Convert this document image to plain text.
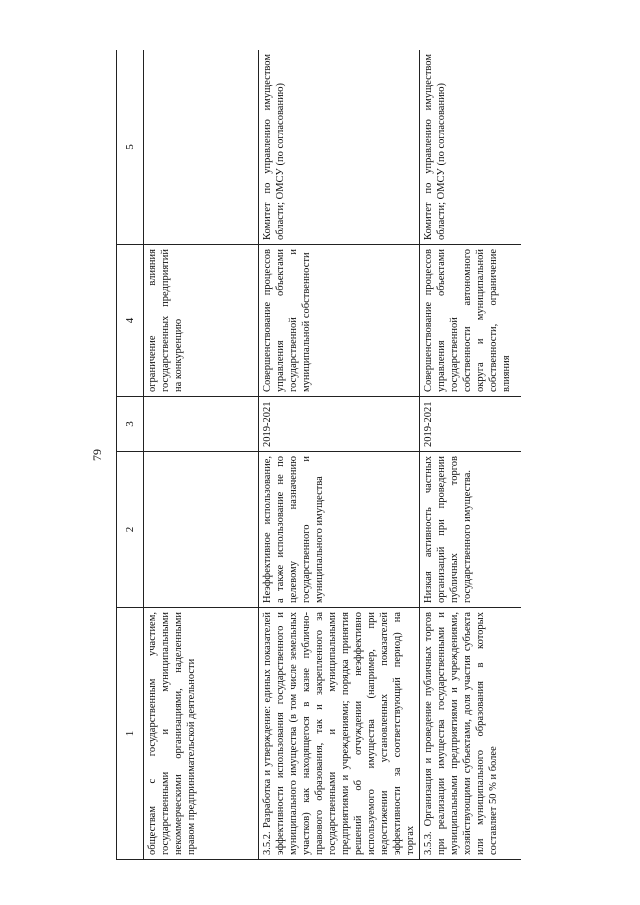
79
1	2	3	4	5
обществам с государственным участием, государственными и муниципальными некоммерческими организациями, наделенными правом предпринимательской деятельности			ограничение влияния государственных предприятий на конкуренцию	
3.5.2. Разработка и утверждение: единых показателей эффективности использования государственного и муниципального имущества (в том числе земельных участков) как находящегося в казне публично-правового образования, так и закрепленного за государственными и муниципальными предприятиями и учреждениями; порядка принятия решений об отчуждении неэффективно используемого имущества (например, при недостижении установленных показателей эффективности за соответствующий период) на торгах	Неэффективное использование, а также использование не по целевому назначению государственного и муниципального имущества	2019-2021	Совершенствование процессов управления объектами государственной и муниципальной собственности	Комитет по управлению имуществом области; ОМСУ (по согласованию)
3.5.3. Организация и проведение публичных торгов при реализации имущества государственными и муниципальными предприятиями и учреждениями, хозяйствующими субъектами, доля участия субъекта или муниципального образования в которых составляет 50 % и более	Низкая активность частных организаций при проведении публичных торгов государственного имущества.	2019-2021	Совершенствование процессов управления объектами государственной собственности автономного округа и муниципальной собственности, ограничение влияния	Комитет по управлению имуществом области; ОМСУ (по согласованию)
